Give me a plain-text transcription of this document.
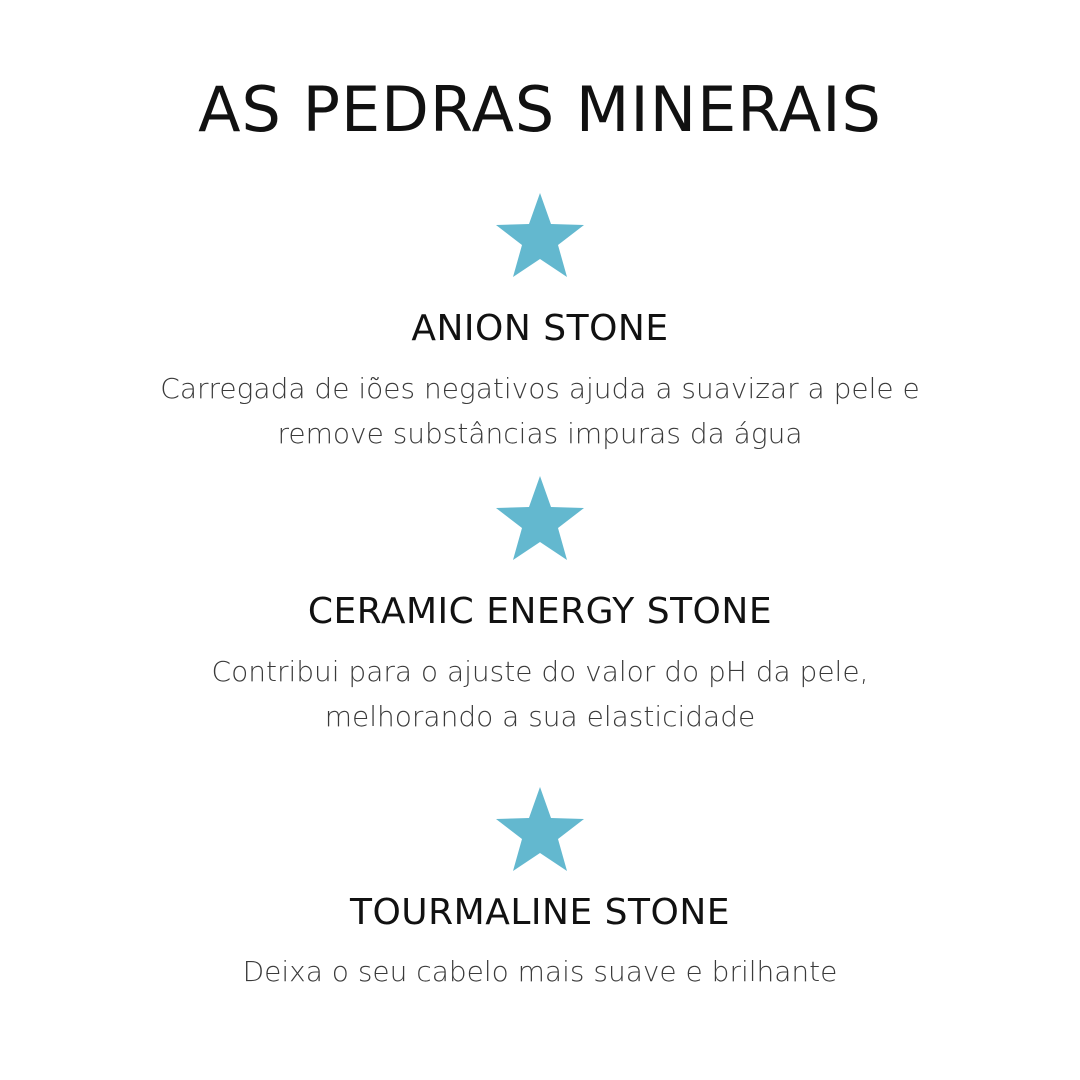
AS PEDRAS MINERAIS
ANION STONE

Carregada de iões negativos ajuda a suavizar a pele e remove substâncias impuras da água

CERAMIC ENERGY STONE

Contribui para o ajuste do valor do pH da pele, melhorando a sua elasticidade

TOURMALINE STONE

Deixa o seu cabelo mais suave e brilhante
